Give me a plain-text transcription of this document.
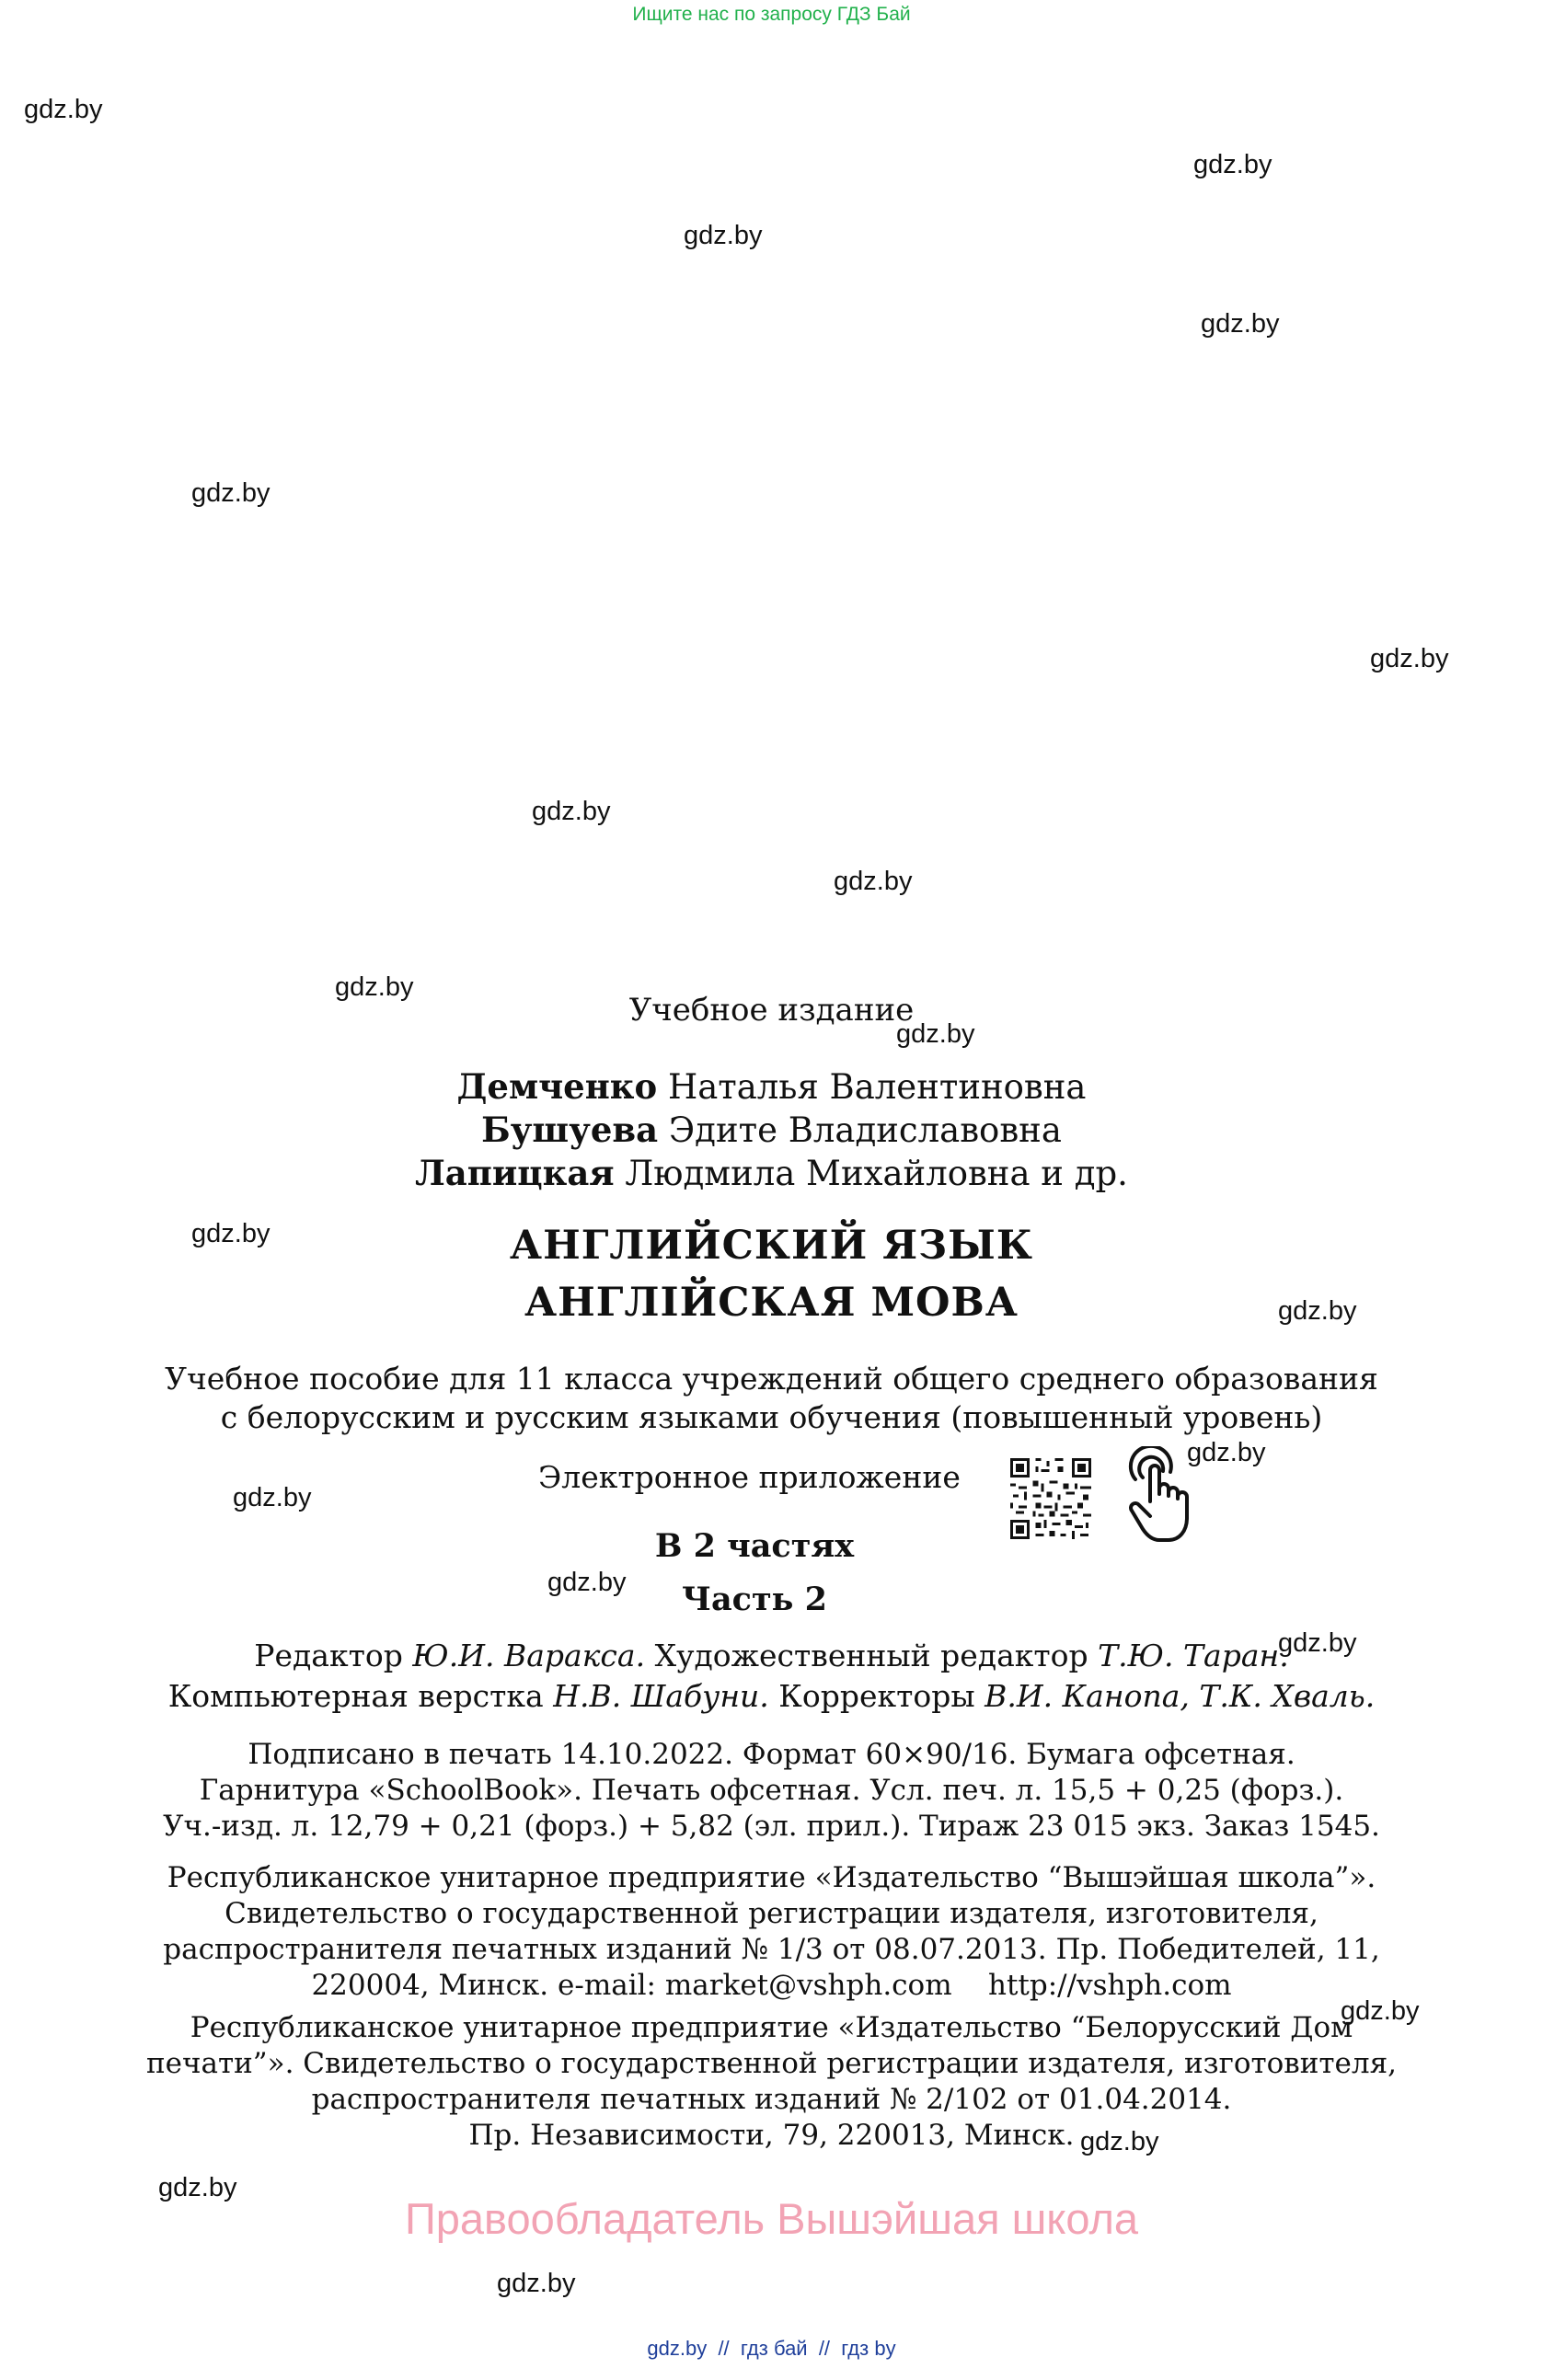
Ищите нас по запросу ГДЗ Бай
gdz.by
gdz.by
gdz.by
gdz.by
gdz.by
gdz.by
gdz.by
gdz.by
gdz.by
gdz.by
gdz.by
gdz.by
gdz.by
gdz.by
gdz.by
gdz.by
gdz.by
gdz.by
gdz.by
gdz.by
Учебное издание
Демченко Наталья Валентиновна
Бушуева Эдите Владиславовна
Лапицкая Людмила Михайловна и др.
АНГЛИЙСКИЙ ЯЗЫК
АНГЛІЙСКАЯ МОВА
Учебное пособие для 11 класса учреждений общего среднего образования
с белорусским и русским языками обучения (повышенный уровень)
Электронное приложение
В 2 частях
Часть 2
Редактор Ю.И. Варакса. Художественный редактор Т.Ю. Таран.
Компьютерная верстка Н.В. Шабуни. Корректоры В.И. Канопа, Т.К. Хваль.
Подписано в печать 14.10.2022. Формат 60×90/16. Бумага офсетная.
Гарнитура «SchoolBook». Печать офсетная. Усл. печ. л. 15,5 + 0,25 (форз.).
Уч.-изд. л. 12,79 + 0,21 (форз.) + 5,82 (эл. прил.). Тираж 23 015 экз. Заказ 1545.
Республиканское унитарное предприятие «Издательство “Вышэйшая школа”».
Свидетельство о государственной регистрации издателя, изготовителя,
распространителя печатных изданий № 1/3 от 08.07.2013. Пр. Победителей, 11,
220004, Минск. e-mail: market@vshph.com    http://vshph.com
Республиканское унитарное предприятие «Издательство “Белорусский Дом
печати”». Свидетельство о государственной регистрации издателя, изготовителя,
распространителя печатных изданий № 2/102 от 01.04.2014.
Пр. Независимости, 79, 220013, Минск.
Правообладатель Вышэйшая школа
gdz.by  //  гдз бай  //  гдз by
